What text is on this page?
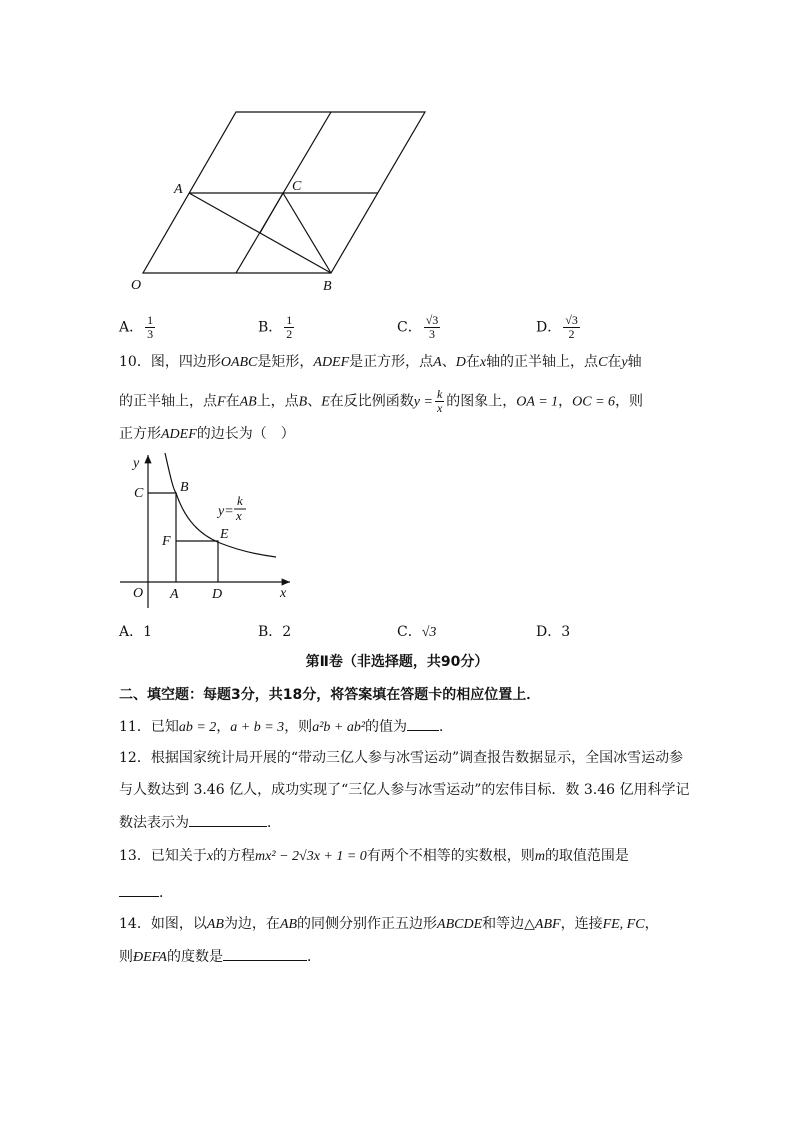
A	C
O	B
A． $\frac{1}{3}$	B． $\frac{1}{2}$	C． $\frac{√3}{3}$	D． $\frac{√3}{2}$
10．图，四边形OABC是矩形，ADEF是正方形，点A、D在x轴的正半轴上，点C在y轴
的正半轴上，点F在AB上，点B、E在反比例函数$y = \frac{k}{x}$ 的图象上，OA = 1，OC = 6，则
正方形ADEF的边长为（　）
y
x
C	B
F	E
O A D
y=
k
x
A．1	B．2	C．√3	D．3
第Ⅱ卷（非选择题，共90分）
二、填空题：每题3分，共18分，将答案填在答题卡的相应位置上．
11．已知ab = 2，a + b = 3，则a²b + ab²的值为 ．
12．根据国家统计局开展的“带动三亿人参与冰雪运动”调查报告数据显示，全国冰雪运动参
与人数达到 3.46 亿人，成功实现了“三亿人参与冰雪运动”的宏伟目标．数 3.46 亿用科学记
数法表示为	．
13．已知关于x的方程mx² − 2√3x + 1 = 0有两个不相等的实数根，则m的取值范围是
．
14．如图，以AB为边，在AB的同侧分别作正五边形ABCDE和等边△ABF，连接FE, FC，
则ÐEFA的度数是	．
